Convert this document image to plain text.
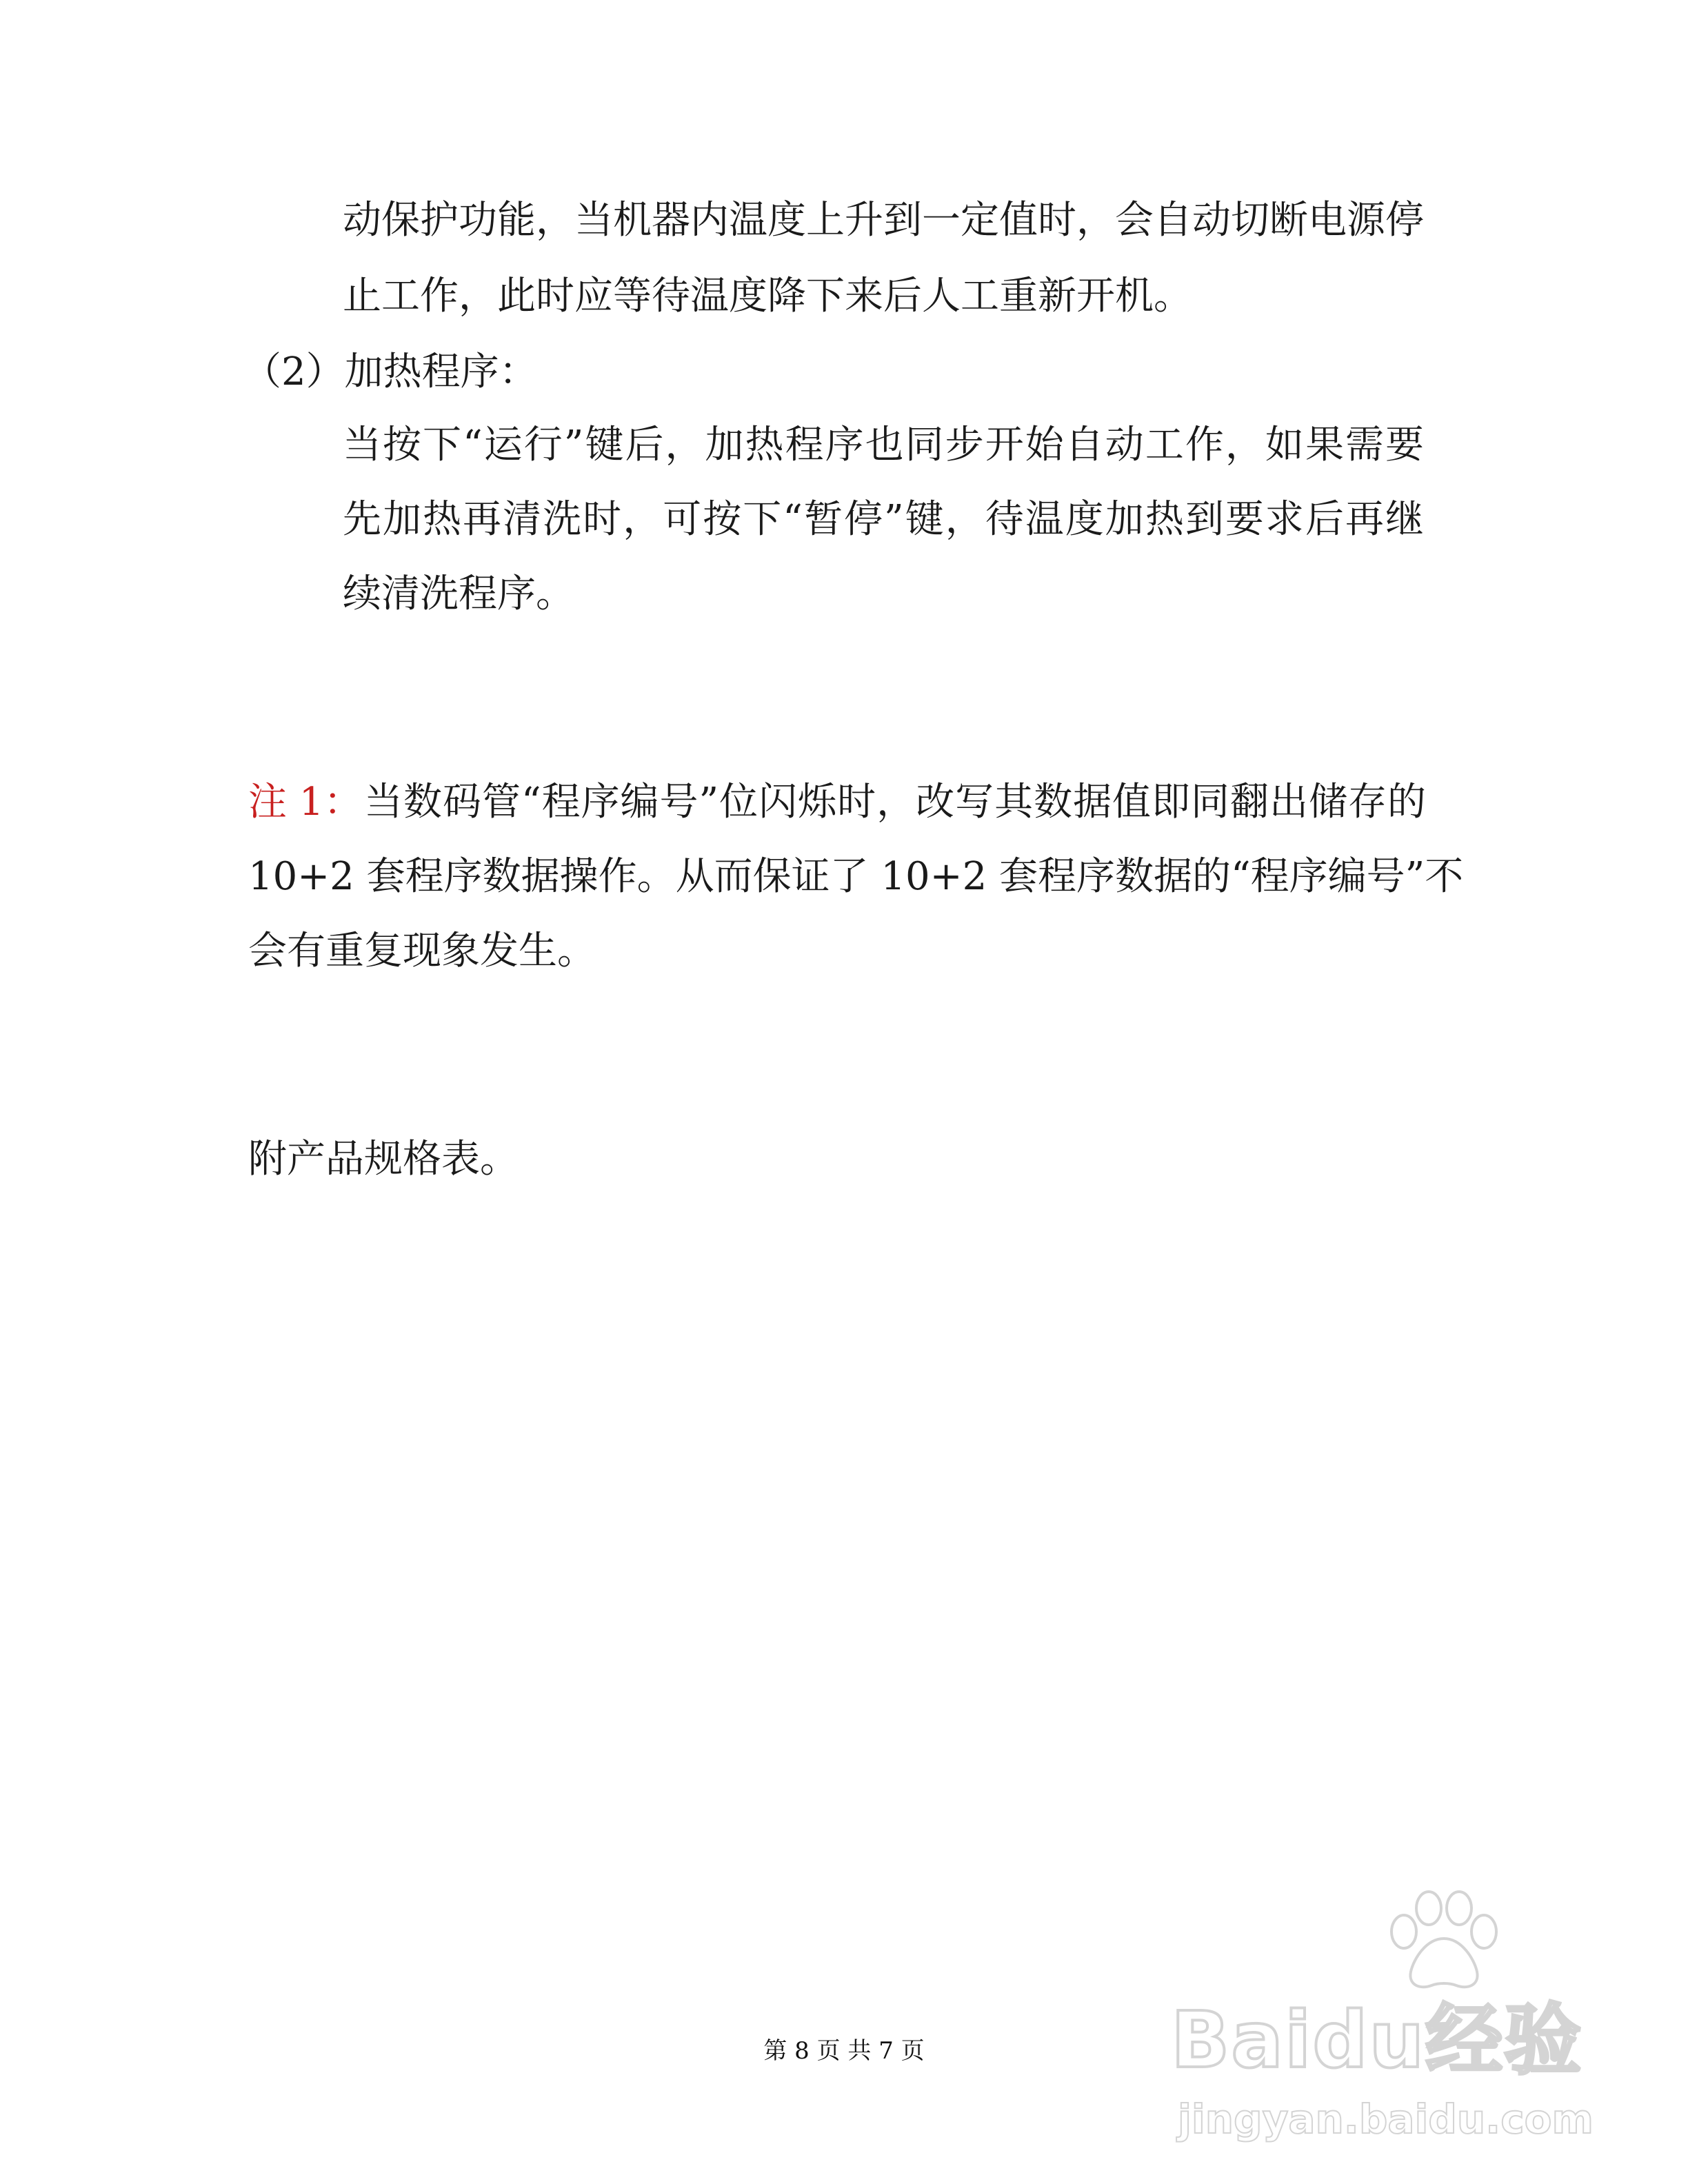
动保护功能，当机器内温度上升到一定值时，会自动切断电源停
止工作，此时应等待温度降下来后人工重新开机。
（2）加热程序：
当按下“运行”键后，加热程序也同步开始自动工作，如果需要
先加热再清洗时，可按下“暂停”键，待温度加热到要求后再继
续清洗程序。
注 1： 当数码管“程序编号”位闪烁时，改写其数据值即同翻出储存的
10+2 套程序数据操作。从而保证了 10+2 套程序数据的“程序编号”不
会有重复现象发生。
附产品规格表。
第 8 页 共 7 页	Baidu经验
jingyan.baidu.com
